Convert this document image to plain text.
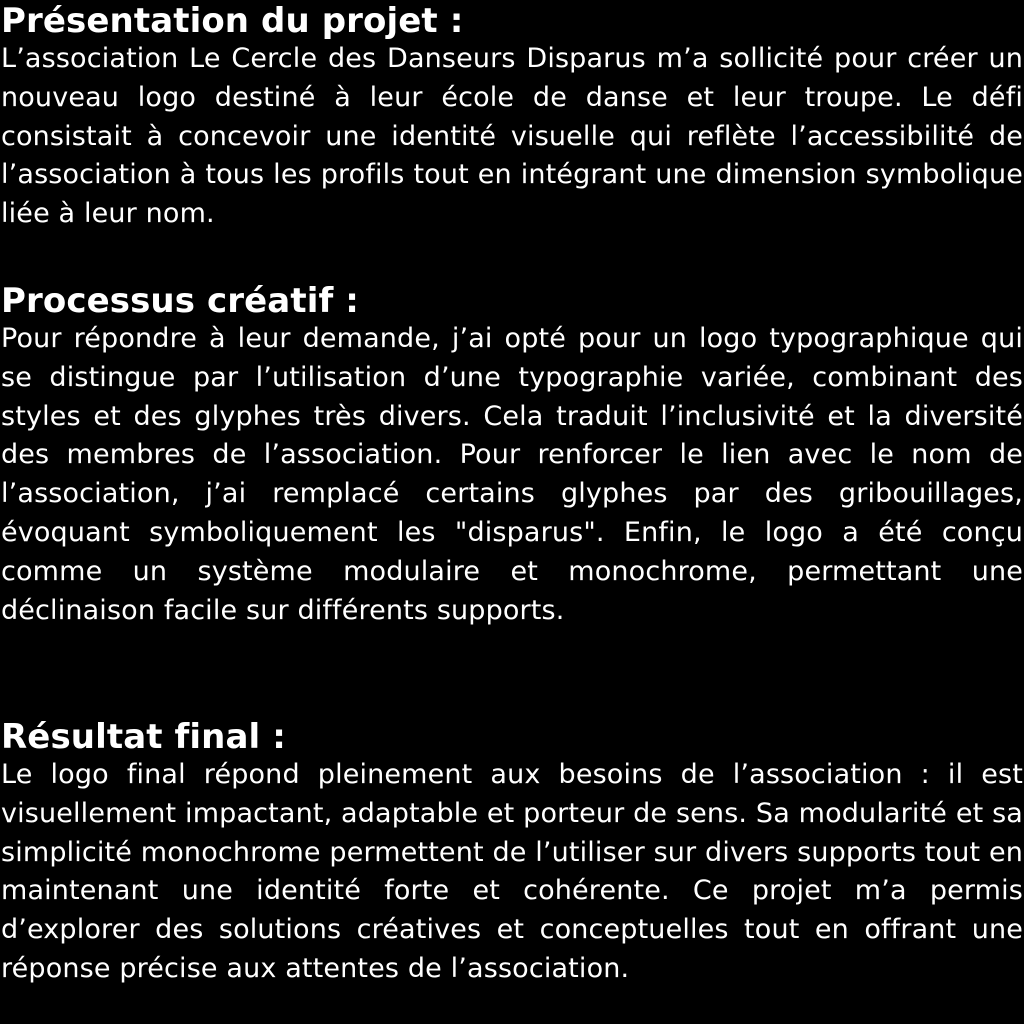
Présentation du projet :

L’association Le Cercle des Danseurs Disparus m’a sollicité pour créer un nouveau logo destiné à leur école de danse et leur troupe. Le défi consistait à concevoir une identité visuelle qui reflète l’accessibilité de l’association à tous les profils tout en intégrant une dimension symbolique liée à leur nom.

Processus créatif :

Pour répondre à leur demande, j’ai opté pour un logo typographique qui se distingue par l’utilisation d’une typographie variée, combinant des styles et des glyphes très divers. Cela traduit l’inclusivité et la diversité des membres de l’association. Pour renforcer le lien avec le nom de l’association, j’ai remplacé certains glyphes par des gribouillages, évoquant symboliquement les "disparus". Enfin, le logo a été conçu comme un système modulaire et monochrome, permettant une déclinaison facile sur différents supports.

Résultat final :

Le logo final répond pleinement aux besoins de l’association : il est visuellement impactant, adaptable et porteur de sens. Sa modularité et sa simplicité monochrome permettent de l’utiliser sur divers supports tout en maintenant une identité forte et cohérente. Ce projet m’a permis d’explorer des solutions créatives et conceptuelles tout en offrant une réponse précise aux attentes de l’association.
